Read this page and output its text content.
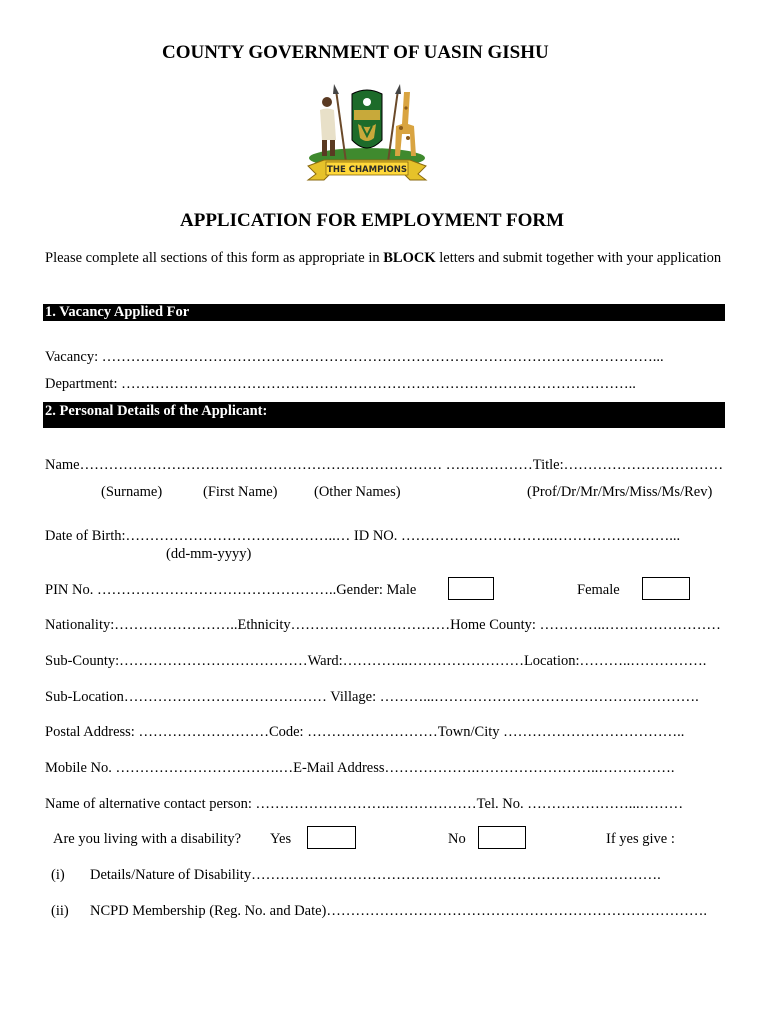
COUNTY GOVERNMENT OF UASIN GISHU
THE CHAMPIONS
APPLICATION FOR EMPLOYMENT FORM
Please complete all sections of this form as appropriate in BLOCK letters and submit together with your application
1. Vacancy Applied For
Vacancy: ……………………………………………………………………………………………………...
Department: ……………………………………………………………………………………………..
2. Personal Details of the Applicant:
Name………………………………………………………………… ………………Title:……………………………
(Surname)	(First Name)	(Other Names)	(Prof/Dr/Mr/Mrs/Miss/Ms/Rev)
Date of Birth:……………………………………..… ID NO. …………………………..……………………...
(dd-mm-yyyy)
PIN No. …………………………………………..Gender: Male	Female
Nationality:……………………..Ethnicity……………………………Home County: …………..……………………
Sub-County:…………………………………Ward:…………..……………………Location:………..…………….
Sub-Location…………………………………… Village: ………...……………………………………………….
Postal Address: ………………………Code: ………………………Town/City ………………………………..
Mobile No. …………………………….…E-Mail Address……………….……………………..…………….
Name of alternative contact person: ……………………….………………Tel. No. …………………...………
Are you living with a disability? Yes	No	If yes give :
(i) Details/Nature of Disability………………………………………………………………………….
(ii) NCPD Membership (Reg. No. and Date)…………………………………………………………………….
